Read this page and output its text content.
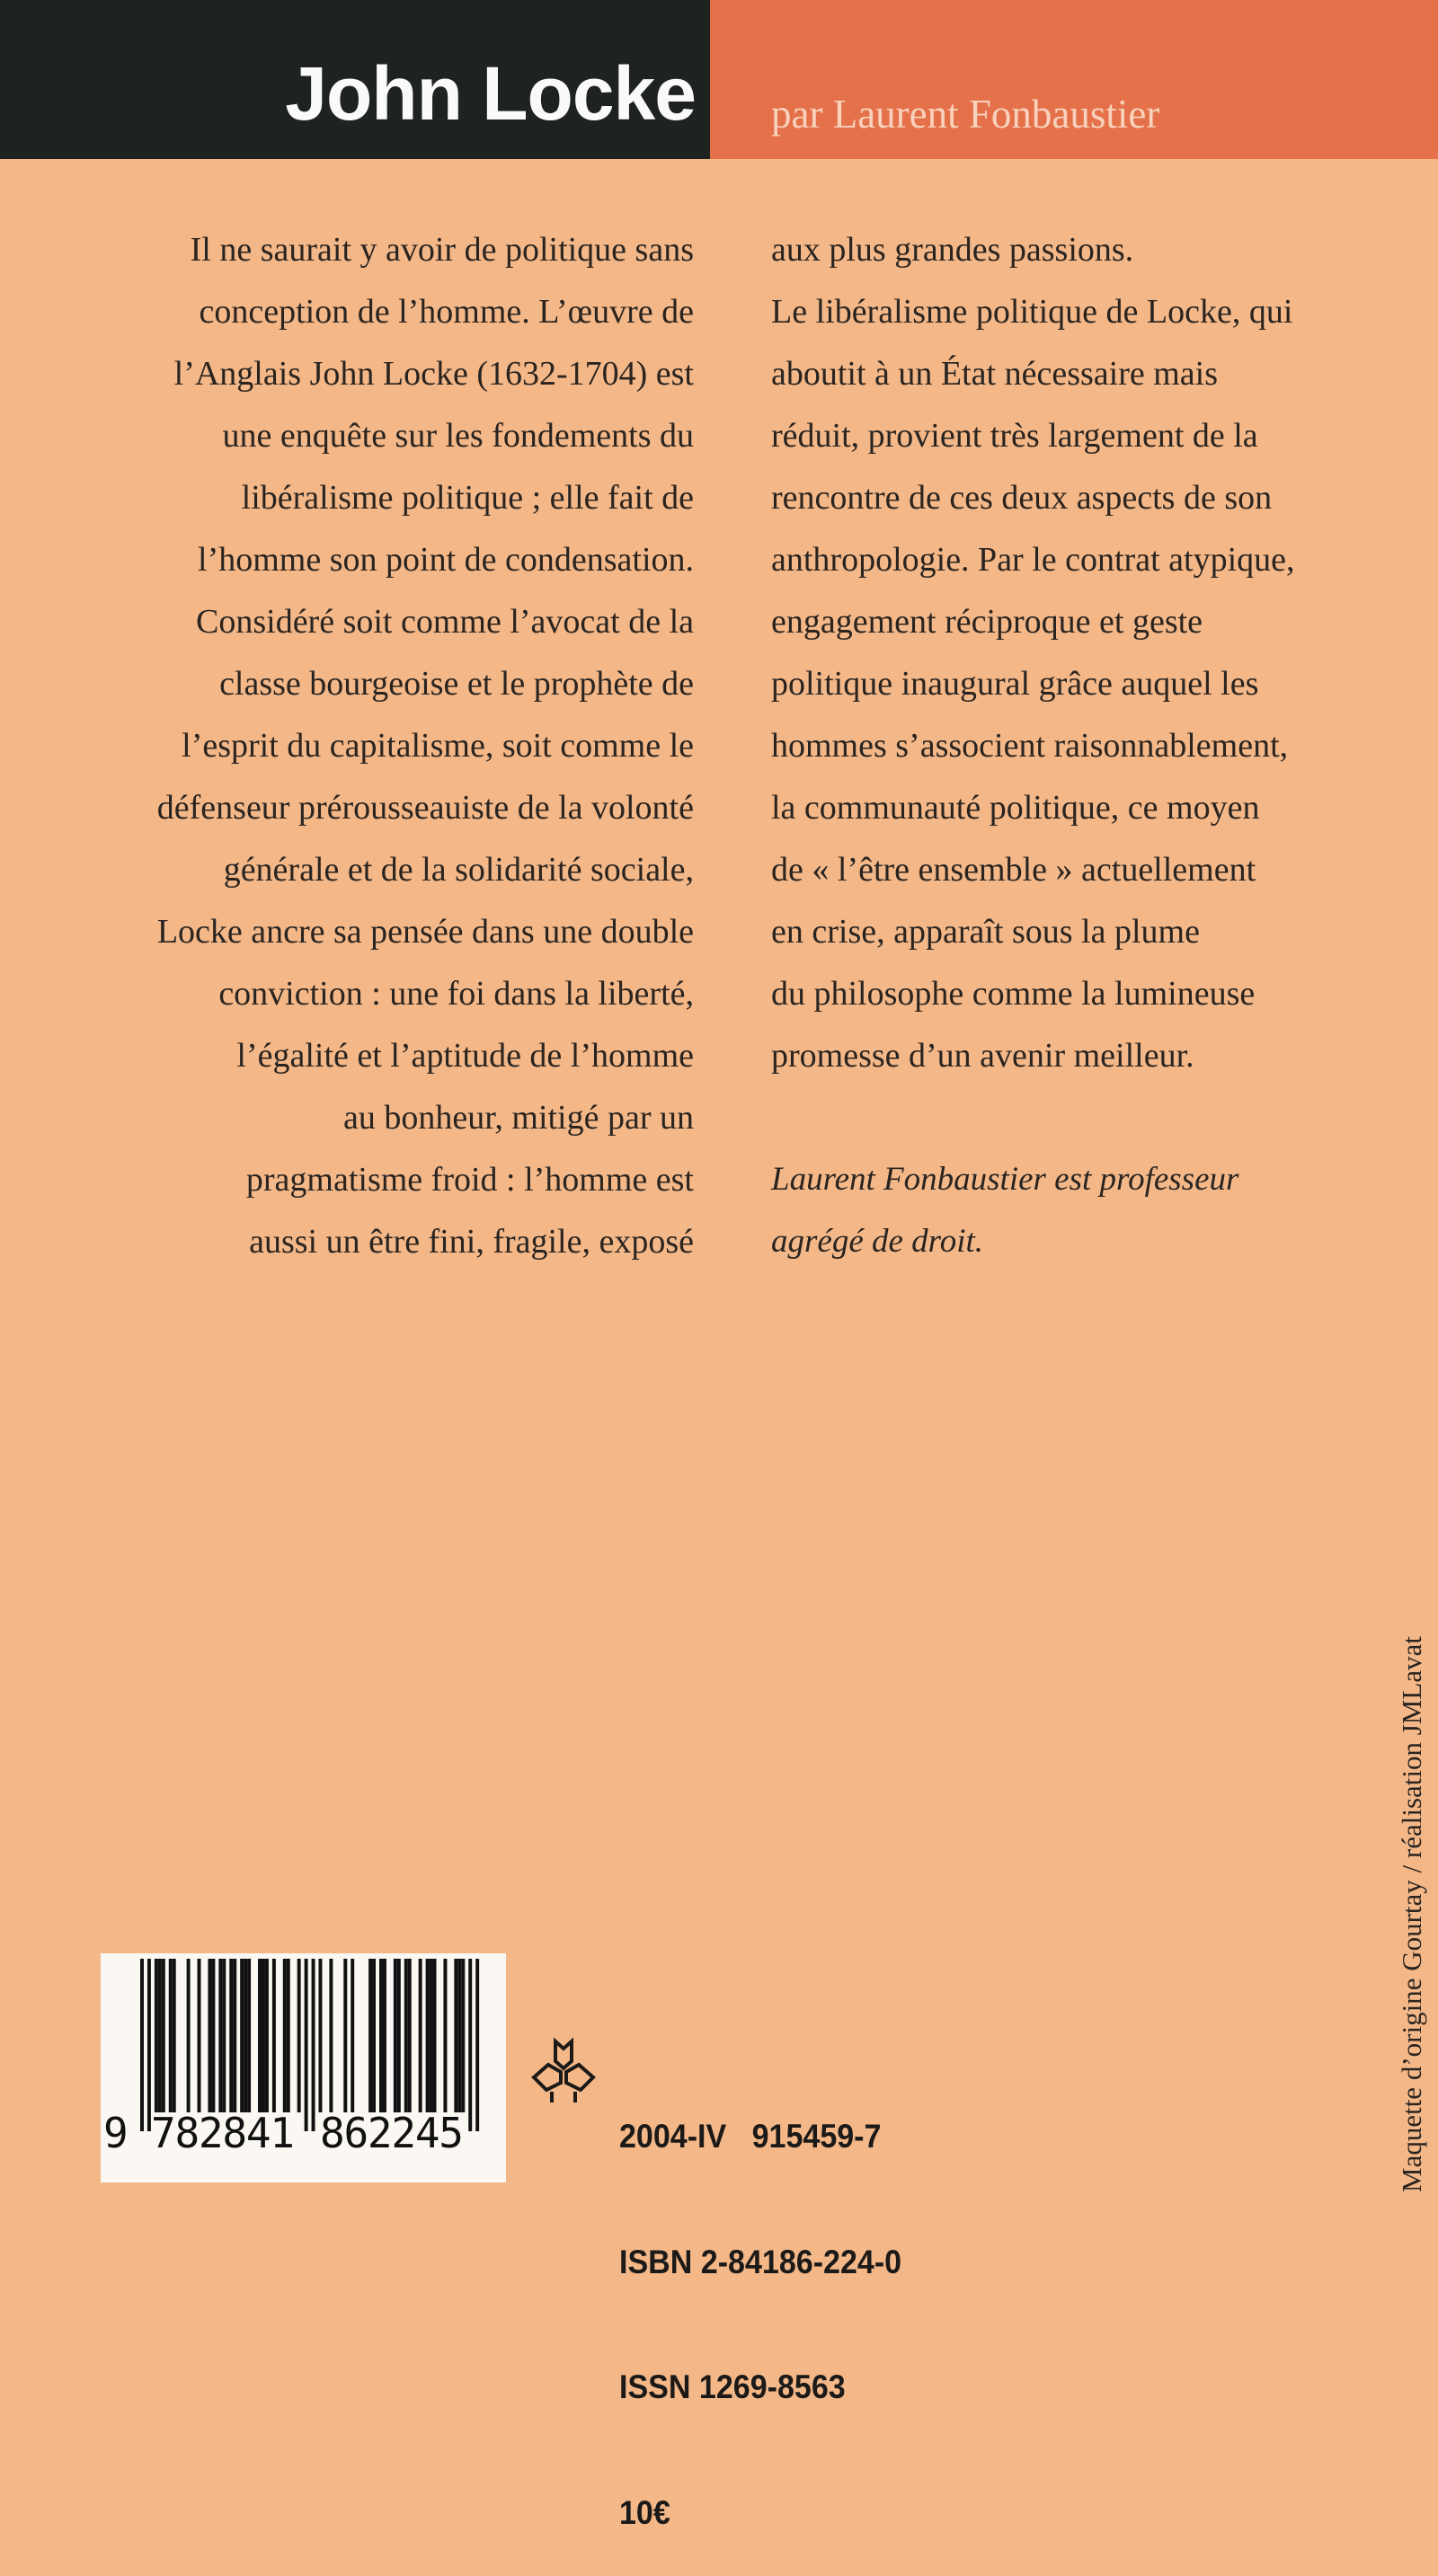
John Locke par Laurent Fonbaustier
Il ne saurait y avoir de politique sans
conception de l’homme. L’œuvre de
l’Anglais John Locke (1632-1704) est
une enquête sur les fondements du
libéralisme politique ; elle fait de
l’homme son point de condensation.
Considéré soit comme l’avocat de la
classe bourgeoise et le prophète de
l’esprit du capitalisme, soit comme le
défenseur prérousseauiste de la volonté
générale et de la solidarité sociale,
Locke ancre sa pensée dans une double
conviction : une foi dans la liberté,
l’égalité et l’aptitude de l’homme
au bonheur, mitigé par un
pragmatisme froid : l’homme est
aussi un être fini, fragile, exposé
aux plus grandes passions.
Le libéralisme politique de Locke, qui
aboutit à un État nécessaire mais
réduit, provient très largement de la
rencontre de ces deux aspects de son
anthropologie. Par le contrat atypique,
engagement réciproque et geste
politique inaugural grâce auquel les
hommes s’associent raisonnablement,
la communauté politique, ce moyen
de « l’être ensemble » actuellement
en crise, apparaît sous la plume
du philosophe comme la lumineuse
promesse d’un avenir meilleur.
Laurent Fonbaustier est professeur
agrégé de droit.
Maquette d’origine Gourtay / réalisation JMLavat
9 782841 862245

	2004-IV   915459-7

ISBN 2-84186-224-0

ISSN 1269-8563

10€
